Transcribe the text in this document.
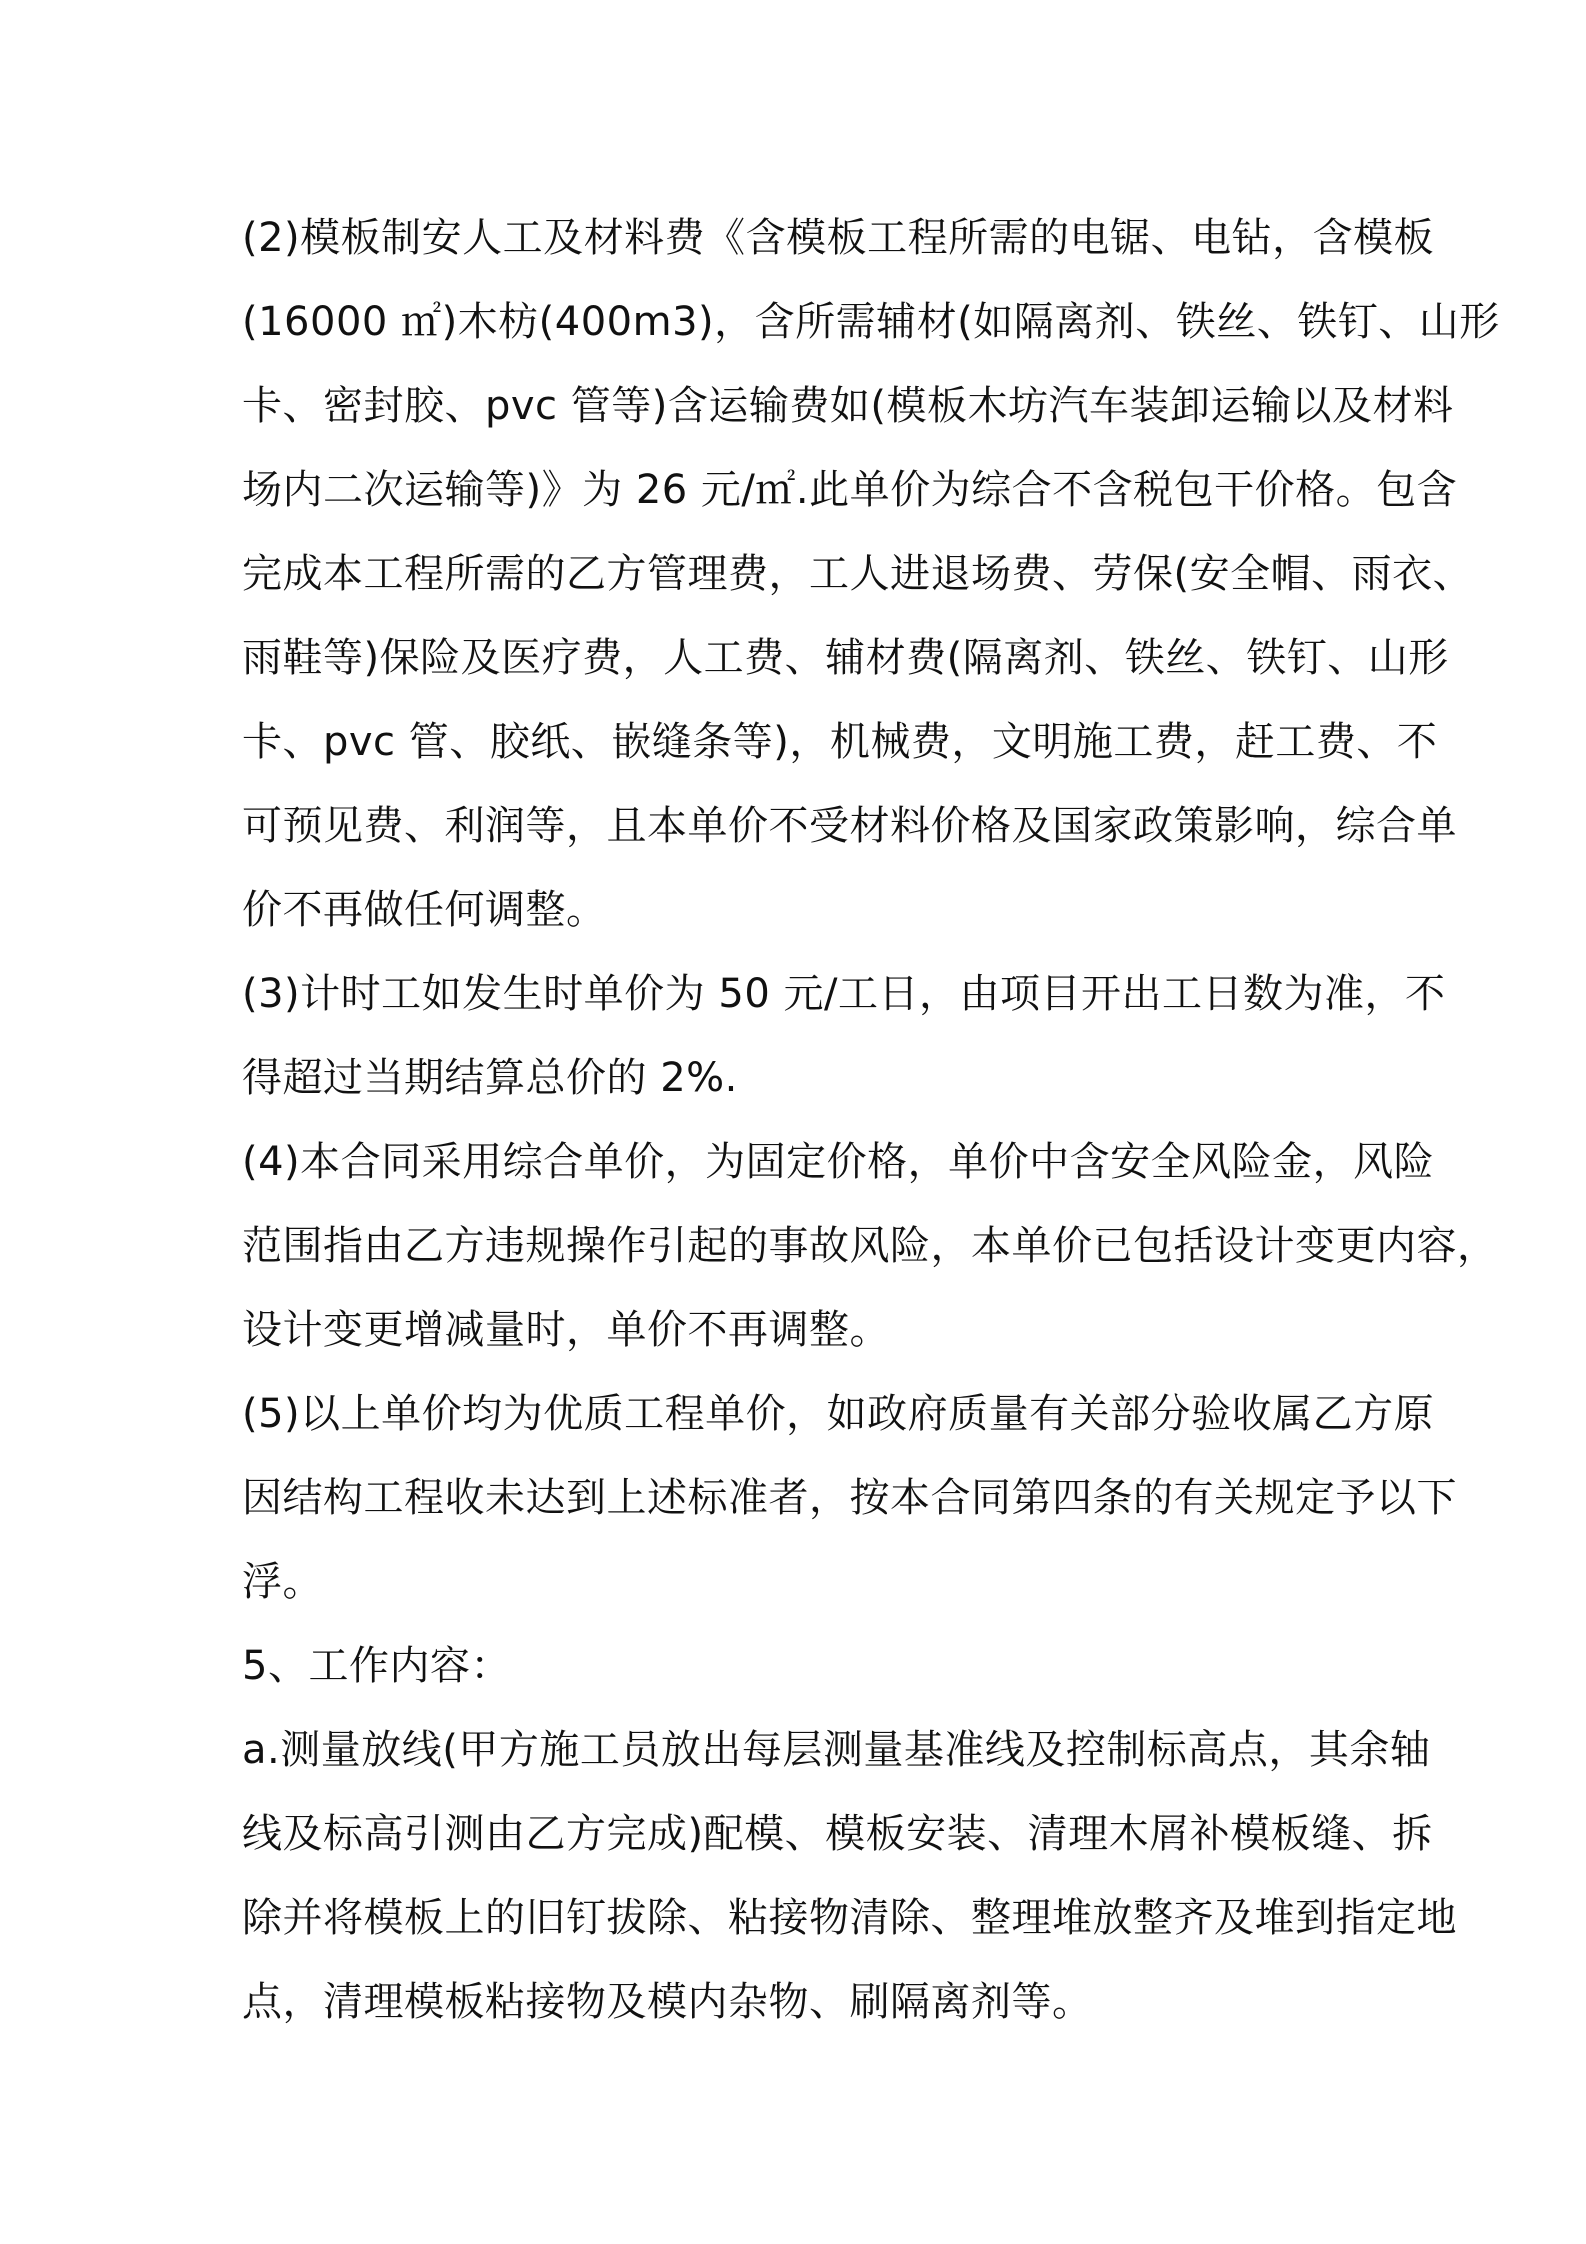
(2)模板制安人工及材料费《含模板工程所需的电锯、电钻，含模板
(16000 ㎡)木枋(400m3)，含所需辅材(如隔离剂、铁丝、铁钉、山形
卡、密封胶、pvc 管等)含运输费如(模板木坊汽车装卸运输以及材料
场内二次运输等)》为 26 元/㎡.此单价为综合不含税包干价格。包含
完成本工程所需的乙方管理费，工人进退场费、劳保(安全帽、雨衣、
雨鞋等)保险及医疗费，人工费、辅材费(隔离剂、铁丝、铁钉、山形
卡、pvc 管、胶纸、嵌缝条等)，机械费，文明施工费，赶工费、不
可预见费、利润等，且本单价不受材料价格及国家政策影响，综合单
价不再做任何调整。
(3)计时工如发生时单价为 50 元/工日，由项目开出工日数为准，不
得超过当期结算总价的 2%.
(4)本合同采用综合单价，为固定价格，单价中含安全风险金，风险
范围指由乙方违规操作引起的事故风险，本单价已包括设计变更内容，
设计变更增减量时，单价不再调整。
(5)以上单价均为优质工程单价，如政府质量有关部分验收属乙方原
因结构工程收未达到上述标准者，按本合同第四条的有关规定予以下
浮。
5、工作内容：
a.测量放线(甲方施工员放出每层测量基准线及控制标高点，其余轴
线及标高引测由乙方完成)配模、模板安装、清理木屑补模板缝、拆
除并将模板上的旧钉拔除、粘接物清除、整理堆放整齐及堆到指定地
点，清理模板粘接物及模内杂物、刷隔离剂等。
